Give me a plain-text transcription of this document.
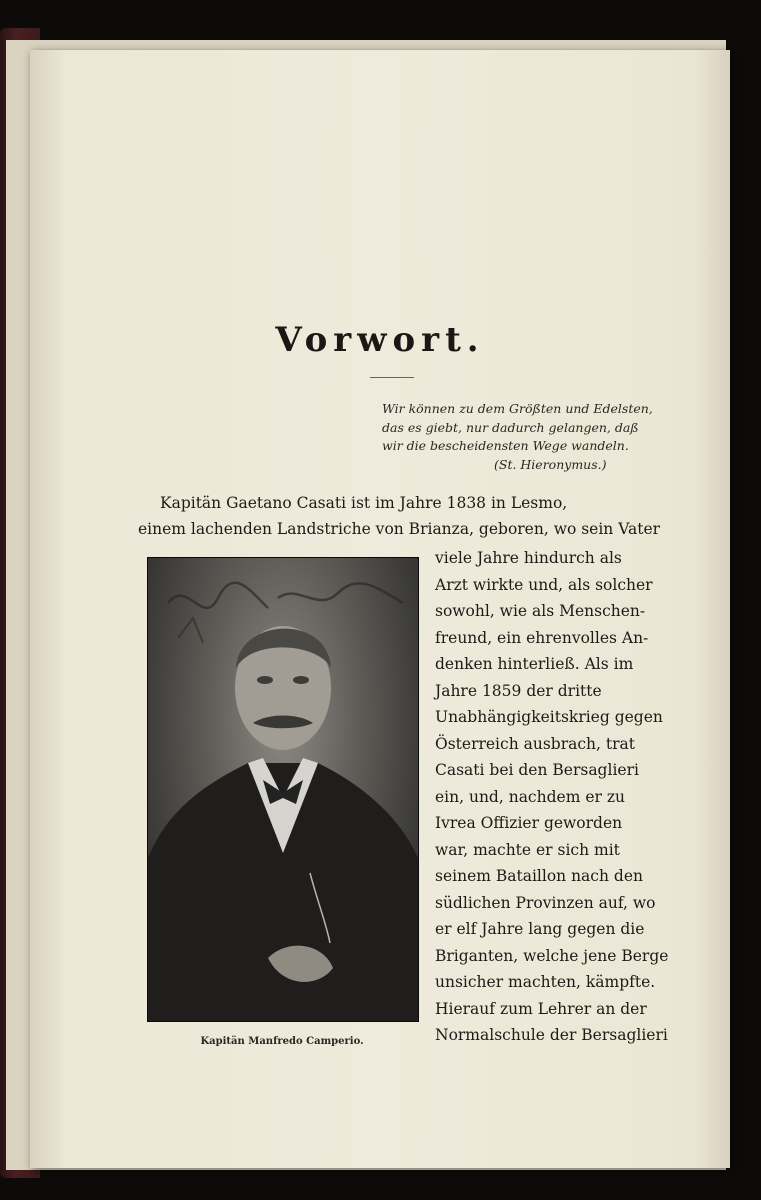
Vorwort.
Wir können zu dem Größten und Edelsten,
das es giebt, nur dadurch gelangen, daß
wir die bescheidensten Wege wandeln.
(St. Hieronymus.)
Kapitän Gaetano Casati ist im Jahre 1838 in Lesmo,
einem lachenden Landstriche von Brianza, geboren, wo sein Vater
Kapitän Manfredo Camperio.
viele Jahre hindurch als
Arzt wirkte und, als solcher
sowohl, wie als Menschen-
freund, ein ehrenvolles An-
denken hinterließ. Als im
Jahre 1859 der dritte
Unabhängigkeitskrieg gegen
Österreich ausbrach, trat
Casati bei den Bersaglieri
ein, und, nachdem er zu
Ivrea Offizier geworden
war, machte er sich mit
seinem Bataillon nach den
südlichen Provinzen auf, wo
er elf Jahre lang gegen die
Briganten, welche jene Berge
unsicher machten, kämpfte.
Hierauf zum Lehrer an der
Normalschule der Bersaglieri
